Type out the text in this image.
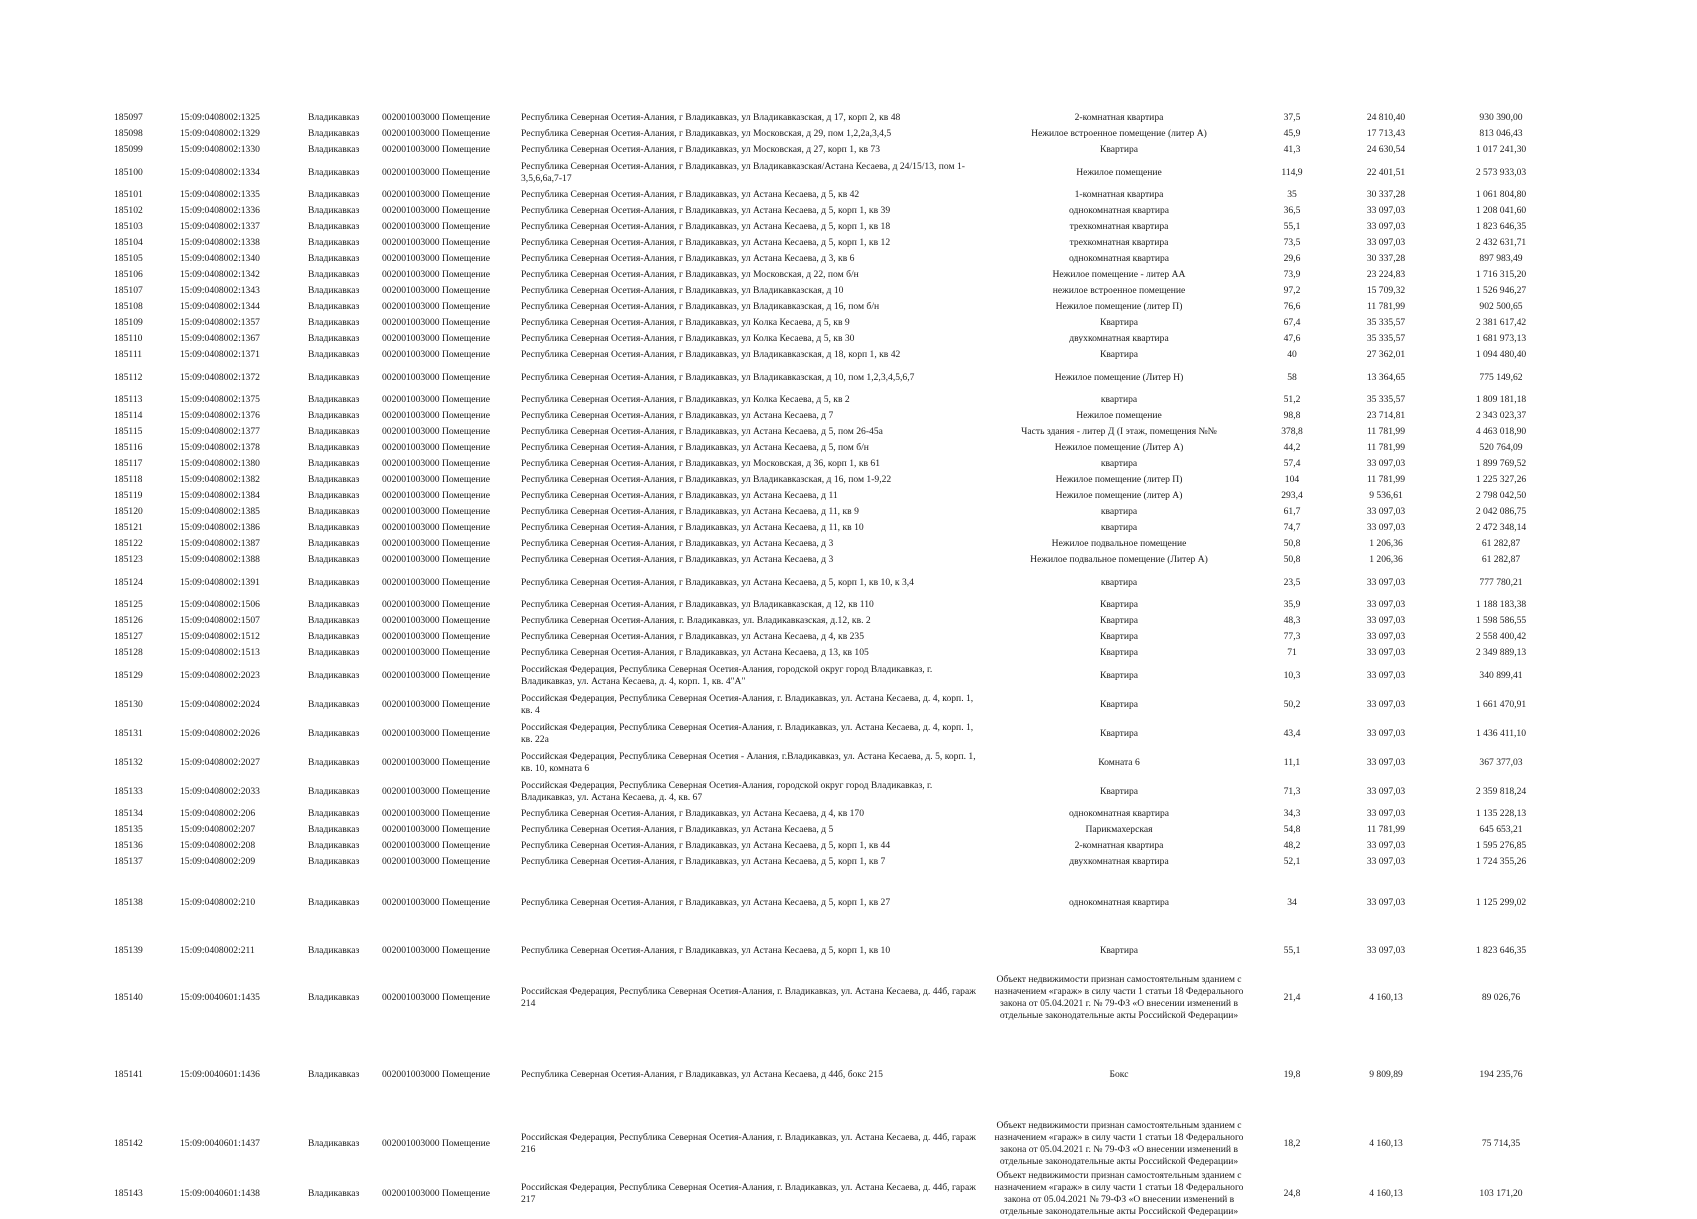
185097	15:09:0408002:1325	Владикавказ	002001003000 Помещение	Республика Северная Осетия-Алания, г Владикавказ, ул Владикавказская, д 17, корп 2, кв 48	2-комнатная квартира	37,5	24 810,40	930 390,00
185098	15:09:0408002:1329	Владикавказ	002001003000 Помещение	Республика Северная Осетия-Алания, г Владикавказ, ул Московская, д 29, пом 1,2,2а,3,4,5	Нежилое встроенное помещение (литер А)	45,9	17 713,43	813 046,43
185099	15:09:0408002:1330	Владикавказ	002001003000 Помещение	Республика Северная Осетия-Алания, г Владикавказ, ул Московская, д 27, корп 1, кв 73	Квартира	41,3	24 630,54	1 017 241,30
185100	15:09:0408002:1334	Владикавказ	002001003000 Помещение	Республика Северная Осетия-Алания, г Владикавказ, ул Владикавказская/Астана Кесаева, д 24/15/13, пом 1-3,5,6,6а,7-17	Нежилое помещение	114,9	22 401,51	2 573 933,03
185101	15:09:0408002:1335	Владикавказ	002001003000 Помещение	Республика Северная Осетия-Алания, г Владикавказ, ул Астана Кесаева, д 5, кв 42	1-комнатная квартира	35	30 337,28	1 061 804,80
185102	15:09:0408002:1336	Владикавказ	002001003000 Помещение	Республика Северная Осетия-Алания, г Владикавказ, ул Астана Кесаева, д 5, корп 1, кв 39	однокомнатная квартира	36,5	33 097,03	1 208 041,60
185103	15:09:0408002:1337	Владикавказ	002001003000 Помещение	Республика Северная Осетия-Алания, г Владикавказ, ул Астана Кесаева, д 5, корп 1, кв 18	трехкомнатная квартира	55,1	33 097,03	1 823 646,35
185104	15:09:0408002:1338	Владикавказ	002001003000 Помещение	Республика Северная Осетия-Алания, г Владикавказ, ул Астана Кесаева, д 5, корп 1, кв 12	трехкомнатная квартира	73,5	33 097,03	2 432 631,71
185105	15:09:0408002:1340	Владикавказ	002001003000 Помещение	Республика Северная Осетия-Алания, г Владикавказ, ул Астана Кесаева, д 3, кв 6	однокомнатная квартира	29,6	30 337,28	897 983,49
185106	15:09:0408002:1342	Владикавказ	002001003000 Помещение	Республика Северная Осетия-Алания, г Владикавказ, ул Московская, д 22, пом б/н	Нежилое помещение - литер АА	73,9	23 224,83	1 716 315,20
185107	15:09:0408002:1343	Владикавказ	002001003000 Помещение	Республика Северная Осетия-Алания, г Владикавказ, ул Владикавказская, д 10	нежилое встроенное помещение	97,2	15 709,32	1 526 946,27
185108	15:09:0408002:1344	Владикавказ	002001003000 Помещение	Республика Северная Осетия-Алания, г Владикавказ, ул Владикавказская, д 16, пом б/н	Нежилое помещение (литер П)	76,6	11 781,99	902 500,65
185109	15:09:0408002:1357	Владикавказ	002001003000 Помещение	Республика Северная Осетия-Алания, г Владикавказ, ул Колка Кесаева, д 5, кв 9	Квартира	67,4	35 335,57	2 381 617,42
185110	15:09:0408002:1367	Владикавказ	002001003000 Помещение	Республика Северная Осетия-Алания, г Владикавказ, ул Колка Кесаева, д 5, кв 30	двухкомнатная квартира	47,6	35 335,57	1 681 973,13
185111	15:09:0408002:1371	Владикавказ	002001003000 Помещение	Республика Северная Осетия-Алания, г Владикавказ, ул Владикавказская, д 18, корп 1, кв 42	Квартира	40	27 362,01	1 094 480,40
185112	15:09:0408002:1372	Владикавказ	002001003000 Помещение	Республика Северная Осетия-Алания, г Владикавказ, ул Владикавказская, д 10, пом 1,2,3,4,5,6,7	Нежилое помещение (Литер Н)	58	13 364,65	775 149,62
185113	15:09:0408002:1375	Владикавказ	002001003000 Помещение	Республика Северная Осетия-Алания, г Владикавказ, ул Колка Кесаева, д 5, кв 2	квартира	51,2	35 335,57	1 809 181,18
185114	15:09:0408002:1376	Владикавказ	002001003000 Помещение	Республика Северная Осетия-Алания, г Владикавказ, ул Астана Кесаева, д 7	Нежилое помещение	98,8	23 714,81	2 343 023,37
185115	15:09:0408002:1377	Владикавказ	002001003000 Помещение	Республика Северная Осетия-Алания, г Владикавказ, ул Астана Кесаева, д 5, пом 26-45а	Часть здания - литер Д (I этаж, помещения №№	378,8	11 781,99	4 463 018,90
185116	15:09:0408002:1378	Владикавказ	002001003000 Помещение	Республика Северная Осетия-Алания, г Владикавказ, ул Астана Кесаева, д 5, пом б/н	Нежилое помещение (Литер А)	44,2	11 781,99	520 764,09
185117	15:09:0408002:1380	Владикавказ	002001003000 Помещение	Республика Северная Осетия-Алания, г Владикавказ, ул Московская, д 36, корп 1, кв 61	квартира	57,4	33 097,03	1 899 769,52
185118	15:09:0408002:1382	Владикавказ	002001003000 Помещение	Республика Северная Осетия-Алания, г Владикавказ, ул Владикавказская, д 16, пом 1-9,22	Нежилое помещение (литер П)	104	11 781,99	1 225 327,26
185119	15:09:0408002:1384	Владикавказ	002001003000 Помещение	Республика Северная Осетия-Алания, г Владикавказ, ул Астана Кесаева, д 11	Нежилое помещение (литер А)	293,4	9 536,61	2 798 042,50
185120	15:09:0408002:1385	Владикавказ	002001003000 Помещение	Республика Северная Осетия-Алания, г Владикавказ, ул Астана Кесаева, д 11, кв 9	квартира	61,7	33 097,03	2 042 086,75
185121	15:09:0408002:1386	Владикавказ	002001003000 Помещение	Республика Северная Осетия-Алания, г Владикавказ, ул Астана Кесаева, д 11, кв 10	квартира	74,7	33 097,03	2 472 348,14
185122	15:09:0408002:1387	Владикавказ	002001003000 Помещение	Республика Северная Осетия-Алания, г Владикавказ, ул Астана Кесаева, д 3	Нежилое подвальное помещение	50,8	1 206,36	61 282,87
185123	15:09:0408002:1388	Владикавказ	002001003000 Помещение	Республика Северная Осетия-Алания, г Владикавказ, ул Астана Кесаева, д 3	Нежилое подвальное помещение (Литер А)	50,8	1 206,36	61 282,87
185124	15:09:0408002:1391	Владикавказ	002001003000 Помещение	Республика Северная Осетия-Алания, г Владикавказ, ул Астана Кесаева, д 5, корп 1, кв 10, к 3,4	квартира	23,5	33 097,03	777 780,21
185125	15:09:0408002:1506	Владикавказ	002001003000 Помещение	Республика Северная Осетия-Алания, г Владикавказ, ул Владикавказская, д 12, кв 110	Квартира	35,9	33 097,03	1 188 183,38
185126	15:09:0408002:1507	Владикавказ	002001003000 Помещение	Республика Северная Осетия-Алания, г. Владикавказ, ул. Владикавказская, д.12, кв. 2	Квартира	48,3	33 097,03	1 598 586,55
185127	15:09:0408002:1512	Владикавказ	002001003000 Помещение	Республика Северная Осетия-Алания, г Владикавказ, ул Астана Кесаева, д 4, кв 235	Квартира	77,3	33 097,03	2 558 400,42
185128	15:09:0408002:1513	Владикавказ	002001003000 Помещение	Республика Северная Осетия-Алания, г Владикавказ, ул Астана Кесаева, д 13, кв 105	Квартира	71	33 097,03	2 349 889,13
185129	15:09:0408002:2023	Владикавказ	002001003000 Помещение	Российская Федерация, Республика Северная Осетия-Алания, городской округ город Владикавказ, г. Владикавказ, ул. Астана Кесаева, д. 4, корп. 1, кв. 4"А"	Квартира	10,3	33 097,03	340 899,41
185130	15:09:0408002:2024	Владикавказ	002001003000 Помещение	Российская Федерация, Республика Северная Осетия-Алания, г. Владикавказ, ул. Астана Кесаева, д. 4, корп. 1, кв. 4	Квартира	50,2	33 097,03	1 661 470,91
185131	15:09:0408002:2026	Владикавказ	002001003000 Помещение	Российская Федерация, Республика Северная Осетия-Алания, г. Владикавказ, ул. Астана Кесаева, д. 4, корп. 1, кв. 22а	Квартира	43,4	33 097,03	1 436 411,10
185132	15:09:0408002:2027	Владикавказ	002001003000 Помещение	Российская Федерация, Республика Северная Осетия - Алания, г.Владикавказ, ул. Астана Кесаева, д. 5, корп. 1, кв. 10, комната 6	Комната 6	11,1	33 097,03	367 377,03
185133	15:09:0408002:2033	Владикавказ	002001003000 Помещение	Российская Федерация, Республика Северная Осетия-Алания, городской округ город Владикавказ, г. Владикавказ, ул. Астана Кесаева, д. 4, кв. 67	Квартира	71,3	33 097,03	2 359 818,24
185134	15:09:0408002:206	Владикавказ	002001003000 Помещение	Республика Северная Осетия-Алания, г Владикавказ, ул Астана Кесаева, д 4, кв 170	однокомнатная квартира	34,3	33 097,03	1 135 228,13
185135	15:09:0408002:207	Владикавказ	002001003000 Помещение	Республика Северная Осетия-Алания, г Владикавказ, ул Астана Кесаева, д 5	Парикмахерская	54,8	11 781,99	645 653,21
185136	15:09:0408002:208	Владикавказ	002001003000 Помещение	Республика Северная Осетия-Алания, г Владикавказ, ул Астана Кесаева, д 5, корп 1, кв 44	2-комнатная квартира	48,2	33 097,03	1 595 276,85
185137	15:09:0408002:209	Владикавказ	002001003000 Помещение	Республика Северная Осетия-Алания, г Владикавказ, ул Астана Кесаева, д 5, корп 1, кв 7	двухкомнатная квартира	52,1	33 097,03	1 724 355,26
185138	15:09:0408002:210	Владикавказ	002001003000 Помещение	Республика Северная Осетия-Алания, г Владикавказ, ул Астана Кесаева, д 5, корп 1, кв 27	однокомнатная квартира	34	33 097,03	1 125 299,02
185139	15:09:0408002:211	Владикавказ	002001003000 Помещение	Республика Северная Осетия-Алания, г Владикавказ, ул Астана Кесаева, д 5, корп 1, кв 10	Квартира	55,1	33 097,03	1 823 646,35
185140	15:09:0040601:1435	Владикавказ	002001003000 Помещение	Российская Федерация, Республика Северная Осетия-Алания, г. Владикавказ, ул. Астана Кесаева, д. 44б, гараж 214	Объект недвижимости признан самостоятельным зданием с назначением «гараж» в силу части 1 статьи 18 Федерального закона от 05.04.2021 г. № 79-ФЗ «О внесении изменений в отдельные законодательные акты Российской Федерации»	21,4	4 160,13	89 026,76
185141	15:09:0040601:1436	Владикавказ	002001003000 Помещение	Республика Северная Осетия-Алания, г Владикавказ, ул Астана Кесаева, д 44б, бокс 215	Бокс	19,8	9 809,89	194 235,76
185142	15:09:0040601:1437	Владикавказ	002001003000 Помещение	Российская Федерация, Республика Северная Осетия-Алания, г. Владикавказ, ул. Астана Кесаева, д. 44б, гараж 216	Объект недвижимости признан самостоятельным зданием с назначением «гараж» в силу части 1 статьи 18 Федерального закона от 05.04.2021 г. № 79-ФЗ «О внесении изменений в отдельные законодательные акты Российской Федерации»	18,2	4 160,13	75 714,35
185143	15:09:0040601:1438	Владикавказ	002001003000 Помещение	Российская Федерация, Республика Северная Осетия-Алания, г. Владикавказ, ул. Астана Кесаева, д. 44б, гараж 217	Объект недвижимости признан самостоятельным зданием с назначением «гараж» в силу части 1 статьи 18 Федерального закона от 05.04.2021 № 79-ФЗ «О внесении изменений в отдельные законодательные акты Российской Федерации»	24,8	4 160,13	103 171,20
